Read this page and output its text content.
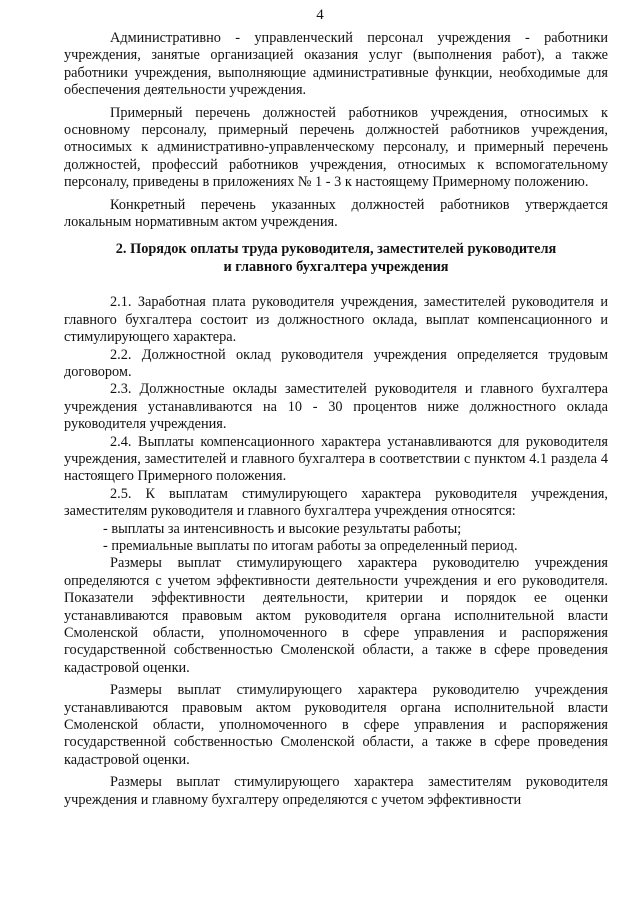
4

Административно - управленческий персонал учреждения - работники учреждения, занятые организацией оказания услуг (выполнения работ), а также работники учреждения, выполняющие административные функции, необходимые для обеспечения деятельности учреждения.

Примерный перечень должностей работников учреждения, относимых к основному персоналу, примерный перечень должностей работников учреждения, относимых к административно-управленческому персоналу, и примерный перечень должностей, профессий работников учреждения, относимых к вспомогательному персоналу, приведены в приложениях № 1 - 3 к настоящему Примерному положению.

Конкретный перечень указанных должностей работников утверждается локальным нормативным актом учреждения.

2. Порядок оплаты труда руководителя, заместителей руководителя
и главного бухгалтера учреждения

2.1. Заработная плата руководителя учреждения, заместителей руководителя и главного бухгалтера состоит из должностного оклада, выплат компенсационного и стимулирующего характера.

2.2. Должностной оклад руководителя учреждения определяется трудовым договором.

2.3. Должностные оклады заместителей руководителя и главного бухгалтера учреждения устанавливаются на 10 - 30 процентов ниже должностного оклада руководителя учреждения.

2.4. Выплаты компенсационного характера устанавливаются для руководителя учреждения, заместителей и главного бухгалтера в соответствии с пунктом 4.1 раздела 4 настоящего Примерного положения.

2.5. К выплатам стимулирующего характера руководителя учреждения, заместителям руководителя и главного бухгалтера учреждения относятся:

- выплаты за интенсивность и высокие результаты работы;

- премиальные выплаты по итогам работы за определенный период.

Размеры выплат стимулирующего характера руководителю учреждения определяются с учетом эффективности деятельности учреждения и его руководителя. Показатели эффективности деятельности, критерии и порядок ее оценки устанавливаются правовым актом руководителя органа исполнительной власти Смоленской области, уполномоченного в сфере управления и распоряжения государственной собственностью Смоленской области, а также в сфере проведения кадастровой оценки.

Размеры выплат стимулирующего характера руководителю учреждения устанавливаются правовым актом руководителя органа исполнительной власти Смоленской области, уполномоченного в сфере управления и распоряжения государственной собственностью Смоленской области, а также в сфере проведения кадастровой оценки.

Размеры выплат стимулирующего характера заместителям руководителя учреждения и главному бухгалтеру определяются с учетом эффективности
